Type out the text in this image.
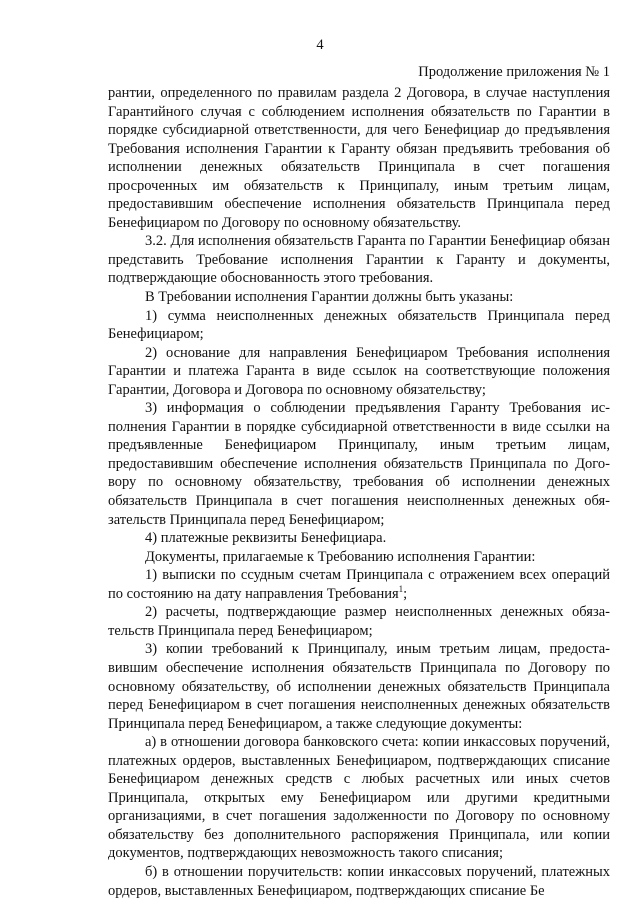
4
Продолжение приложения № 1

рантии, определенного по правилам раздела 2 Договора, в случае наступления Гарантийного случая с соблюдением исполнения обязательств по Гарантии в порядке субсидиарной ответственности, для чего Бенефициар до предъявления Требования исполнения Гарантии к Гаранту обязан предъявить требования об исполнении денежных обязательств Принципала в счет погашения просроченных им обязательств к Принципалу, иным третьим лицам, предоставившим обеспечение исполнения обязательств Принципала перед Бенефициаром по Договору по основному обязательству.

3.2. Для исполнения обязательств Гаранта по Гарантии Бенефициар обязан представить Требование исполнения Гарантии к Гаранту и документы, подтверждающие обоснованность этого требования.

В Требовании исполнения Гарантии должны быть указаны:

1) сумма неисполненных денежных обязательств Принципала перед Бенефициаром;

2) основание для направления Бенефициаром Требования исполнения Гарантии и платежа Гаранта в виде ссылок на соответствующие положения Гарантии, Договора и Договора по основному обязательству;

3) информация о соблюдении предъявления Гаранту Требования исполнения Гарантии в порядке субсидиарной ответственности в виде ссылки на предъявленные Бенефициаром Принципалу, иным третьим лицам, предоставившим обеспечение исполнения обязательств Принципала по Договору по основному обязательству, требования об исполнении денежных обязательств Принципала в счет погашения неисполненных денежных обязательств Принципала перед Бенефициаром;

4) платежные реквизиты Бенефициара.

Документы, прилагаемые к Требованию исполнения Гарантии:

1) выписки по ссудным счетам Принципала с отражением всех операций по состоянию на дату направления Требования$^1$;

2) расчеты, подтверждающие размер неисполненных денежных обязательств Принципала перед Бенефициаром;

3) копии требований к Принципалу, иным третьим лицам, предоставившим обеспечение исполнения обязательств Принципала по Договору по основному обязательству, об исполнении денежных обязательств Принципала перед Бенефициаром в счет погашения неисполненных денежных обязательств Принципала перед Бенефициаром, а также следующие документы:

а) в отношении договора банковского счета: копии инкассовых поручений, платежных ордеров, выставленных Бенефициаром, подтверждающих списание Бенефициаром денежных средств с любых расчетных или иных счетов Принципала, открытых ему Бенефициаром или другими кредитными организациями, в счет погашения задолженности по Договору по основному обязательству без дополнительного распоряжения Принципала, или копии документов, подтверждающих невозможность такого списания;

б) в отношении поручительств: копии инкассовых поручений, платежных ордеров, выставленных Бенефициаром, подтверждающих списание Бе
